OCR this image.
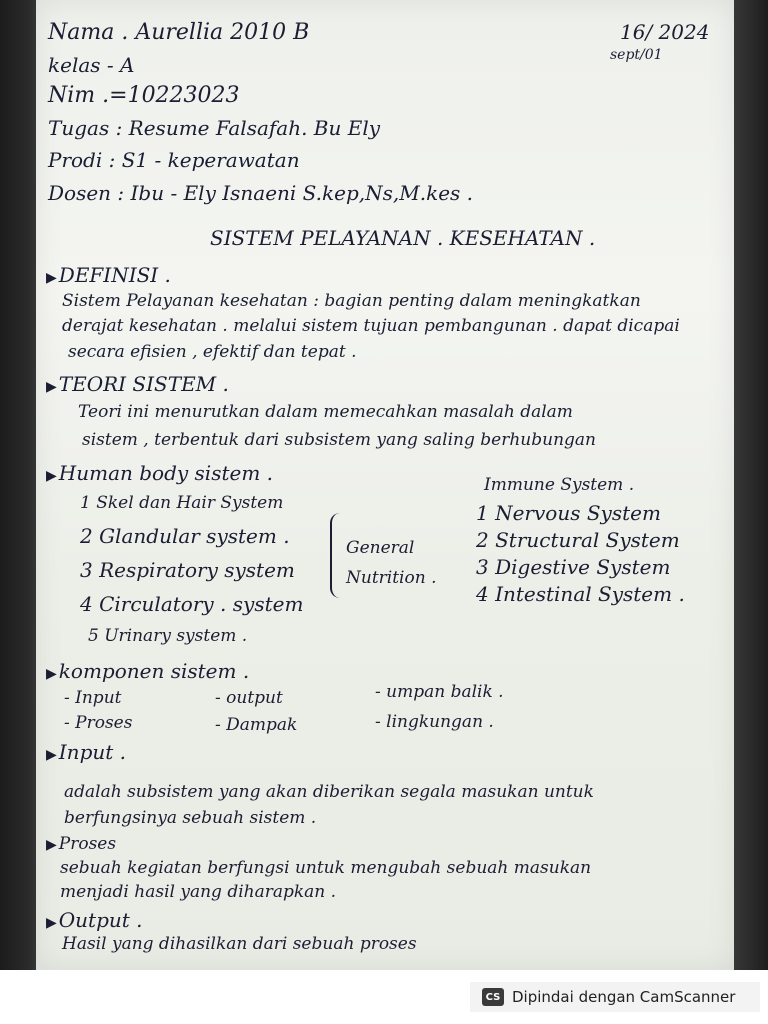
Nama . Aurellia 2010 B
kelas - A
Nim .=10223023
Tugas : Resume Falsafah. Bu Ely
Prodi : S1 - keperawatan
Dosen : Ibu - Ely Isnaeni S.kep,Ns,M.kes .
16/ 2024
sept/01
SISTEM PELAYANAN . KESEHATAN .
▶ DEFINISI .
Sistem Pelayanan kesehatan : bagian penting dalam meningkatkan
derajat kesehatan . melalui sistem tujuan pembangunan . dapat dicapai
secara efisien , efektif dan tepat .
▶ TEORI SISTEM .
Teori ini menurutkan dalam memecahkan masalah dalam
sistem , terbentuk dari subsistem yang saling berhubungan
▶ Human body sistem .
1 Skel dan Hair System
2 Glandular system .
3 Respiratory system
4 Circulatory . system
5 Urinary system .
General
Nutrition .
Immune System .
1 Nervous System
2 Structural System
3 Digestive System
4 Intestinal System .
▶ komponen sistem .
- Input
- Proses
- output
- Dampak
- umpan balik .
- lingkungan .
▶ Input .
adalah subsistem yang akan diberikan segala masukan untuk
berfungsinya sebuah sistem .
▶ Proses
sebuah kegiatan berfungsi untuk mengubah sebuah masukan
menjadi hasil yang diharapkan .
▶ Output .
Hasil yang dihasilkan dari sebuah proses
CS Dipindai dengan CamScanner
